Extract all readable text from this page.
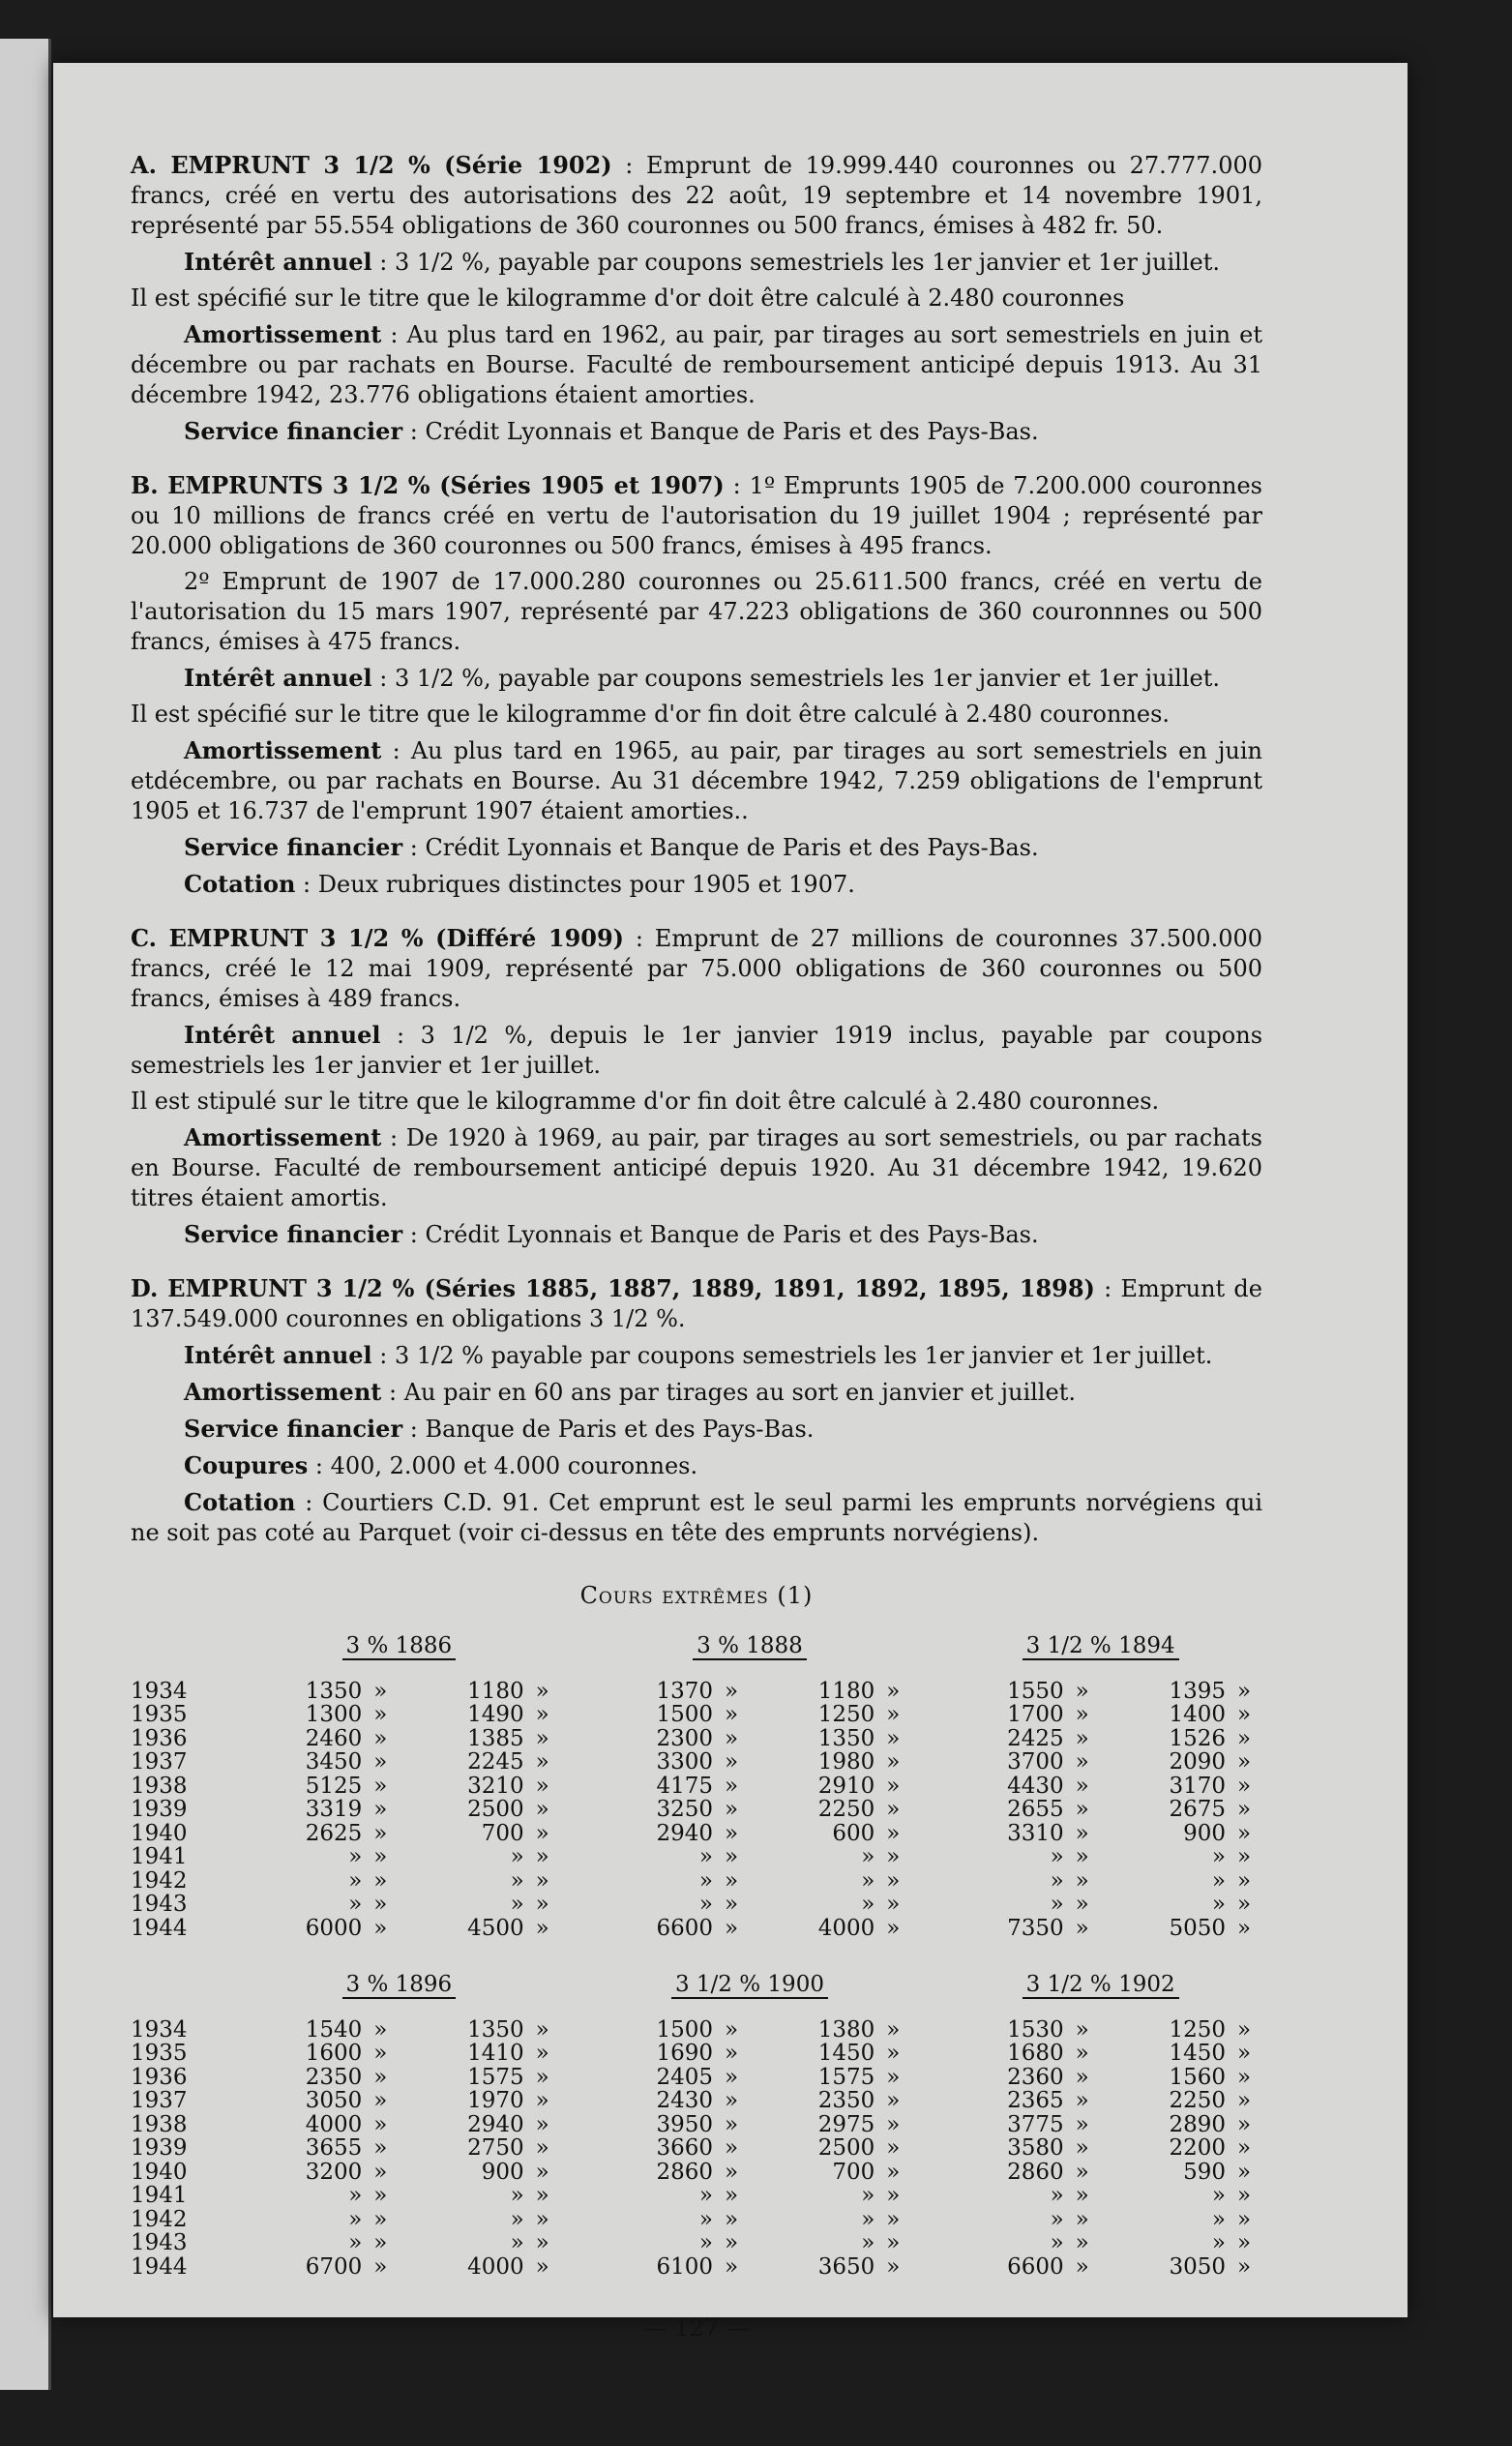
A. EMPRUNT 3 1/2 % (Série 1902) : Emprunt de 19.999.440 couronnes ou 27.777.000 francs, créé en vertu des autorisations des 22 août, 19 septembre et 14 novembre 1901, représenté par 55.554 obligations de 360 couronnes ou 500 francs, émises à 482 fr. 50.

Intérêt annuel : 3 1/2 %, payable par coupons semestriels les 1er janvier et 1er juillet.

Il est spécifié sur le titre que le kilogramme d'or doit être calculé à 2.480 couronnes

Amortissement : Au plus tard en 1962, au pair, par tirages au sort semestriels en juin et décembre ou par rachats en Bourse. Faculté de remboursement anticipé depuis 1913. Au 31 décembre 1942, 23.776 obligations étaient amorties.

Service financier : Crédit Lyonnais et Banque de Paris et des Pays-Bas.

B. EMPRUNTS 3 1/2 % (Séries 1905 et 1907) : 1º Emprunts 1905 de 7.200.000 couronnes ou 10 millions de francs créé en vertu de l'autorisation du 19 juillet 1904 ; représenté par 20.000 obligations de 360 couronnes ou 500 francs, émises à 495 francs.

2º Emprunt de 1907 de 17.000.280 couronnes ou 25.611.500 francs, créé en vertu de l'autorisation du 15 mars 1907, représenté par 47.223 obligations de 360 couronnnes ou 500 francs, émises à 475 francs.

Intérêt annuel : 3 1/2 %, payable par coupons semestriels les 1er janvier et 1er juillet.

Il est spécifié sur le titre que le kilogramme d'or fin doit être calculé à 2.480 couronnes.

Amortissement : Au plus tard en 1965, au pair, par tirages au sort semestriels en juin etdécembre, ou par rachats en Bourse. Au 31 décembre 1942, 7.259 obligations de l'emprunt 1905 et 16.737 de l'emprunt 1907 étaient amorties..

Service financier : Crédit Lyonnais et Banque de Paris et des Pays-Bas.

Cotation : Deux rubriques distinctes pour 1905 et 1907.

C. EMPRUNT 3 1/2 % (Différé 1909) : Emprunt de 27 millions de couronnes 37.500.000 francs, créé le 12 mai 1909, représenté par 75.000 obligations de 360 couronnes ou 500 francs, émises à 489 francs.

Intérêt annuel : 3 1/2 %, depuis le 1er janvier 1919 inclus, payable par coupons semestriels les 1er janvier et 1er juillet.

Il est stipulé sur le titre que le kilogramme d'or fin doit être calculé à 2.480 couronnes.

Amortissement : De 1920 à 1969, au pair, par tirages au sort semestriels, ou par rachats en Bourse. Faculté de remboursement anticipé depuis 1920. Au 31 décembre 1942, 19.620 titres étaient amortis.

Service financier : Crédit Lyonnais et Banque de Paris et des Pays-Bas.

D. EMPRUNT 3 1/2 % (Séries 1885, 1887, 1889, 1891, 1892, 1895, 1898) : Emprunt de 137.549.000 couronnes en obligations 3 1/2 %.

Intérêt annuel : 3 1/2 % payable par coupons semestriels les 1er janvier et 1er juillet.

Amortissement : Au pair en 60 ans par tirages au sort en janvier et juillet.

Service financier : Banque de Paris et des Pays-Bas.

Coupures : 400, 2.000 et 4.000 couronnes.

Cotation : Courtiers C.D. 91. Cet emprunt est le seul parmi les emprunts norvégiens qui ne soit pas coté au Parquet (voir ci-dessus en tête des emprunts norvégiens).

Cours extrêmes (1)
	3 % 1886					3 % 1888					3 1/2 % 1894			
1934	1350	»	1180	»		1370	»	1180	»		1550	»	1395	»
1935	1300	»	1490	»		1500	»	1250	»		1700	»	1400	»
1936	2460	»	1385	»		2300	»	1350	»		2425	»	1526	»
1937	3450	»	2245	»		3300	»	1980	»		3700	»	2090	»
1938	5125	»	3210	»		4175	»	2910	»		4430	»	3170	»
1939	3319	»	2500	»		3250	»	2250	»		2655	»	2675	»
1940	2625	»	700	»		2940	»	600	»		3310	»	900	»
1941	»	»	»	»		»	»	»	»		»	»	»	»
1942	»	»	»	»		»	»	»	»		»	»	»	»
1943	»	»	»	»		»	»	»	»		»	»	»	»
1944	6000	»	4500	»		6600	»	4000	»		7350	»	5050	»

	3 % 1896					3 1/2 % 1900					3 1/2 % 1902			
1934	1540	»	1350	»		1500	»	1380	»		1530	»	1250	»
1935	1600	»	1410	»		1690	»	1450	»		1680	»	1450	»
1936	2350	»	1575	»		2405	»	1575	»		2360	»	1560	»
1937	3050	»	1970	»		2430	»	2350	»		2365	»	2250	»
1938	4000	»	2940	»		3950	»	2975	»		3775	»	2890	»
1939	3655	»	2750	»		3660	»	2500	»		3580	»	2200	»
1940	3200	»	900	»		2860	»	700	»		2860	»	590	»
1941	»	»	»	»		»	»	»	»		»	»	»	»
1942	»	»	»	»		»	»	»	»		»	»	»	»
1943	»	»	»	»		»	»	»	»		»	»	»	»
1944	6700	»	4000	»		6100	»	3650	»		6600	»	3050	»
— 127 —
